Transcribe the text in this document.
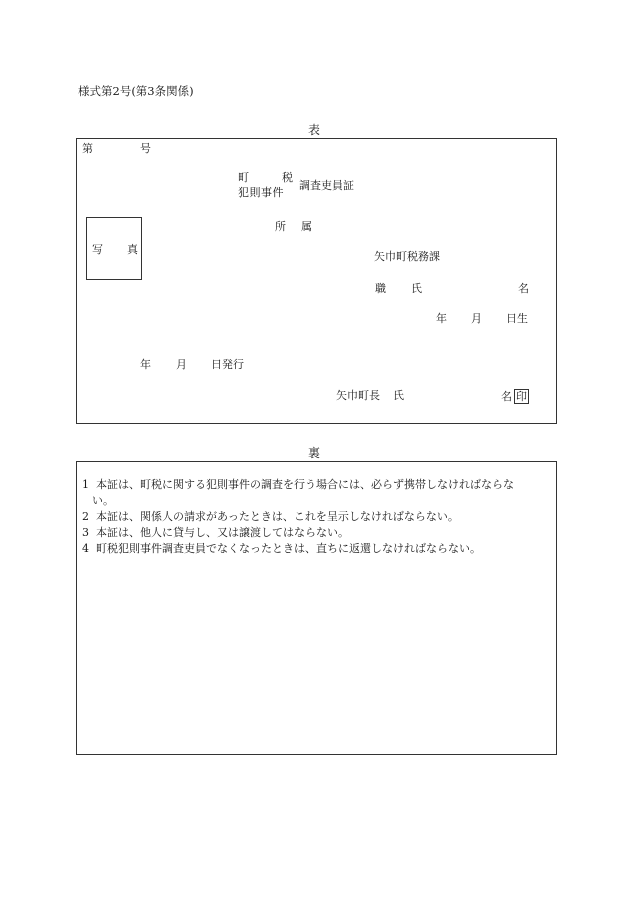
様式第2号(第3条関係)
表
第	号
町	税
犯則事件
調査吏員証
写 真
所 属
矢巾町税務課
職 氏	名
年 月 日生
年 月 日発行
矢巾町長 氏	名 印
裏
1 本証は、町税に関する犯則事件の調査を行う場合には、必らず携帯しなければならな
い。
2 本証は、関係人の請求があったときは、これを呈示しなければならない。
3 本証は、他人に貸与し、又は譲渡してはならない。
4 町税犯則事件調査吏員でなくなったときは、直ちに返還しなければならない。
